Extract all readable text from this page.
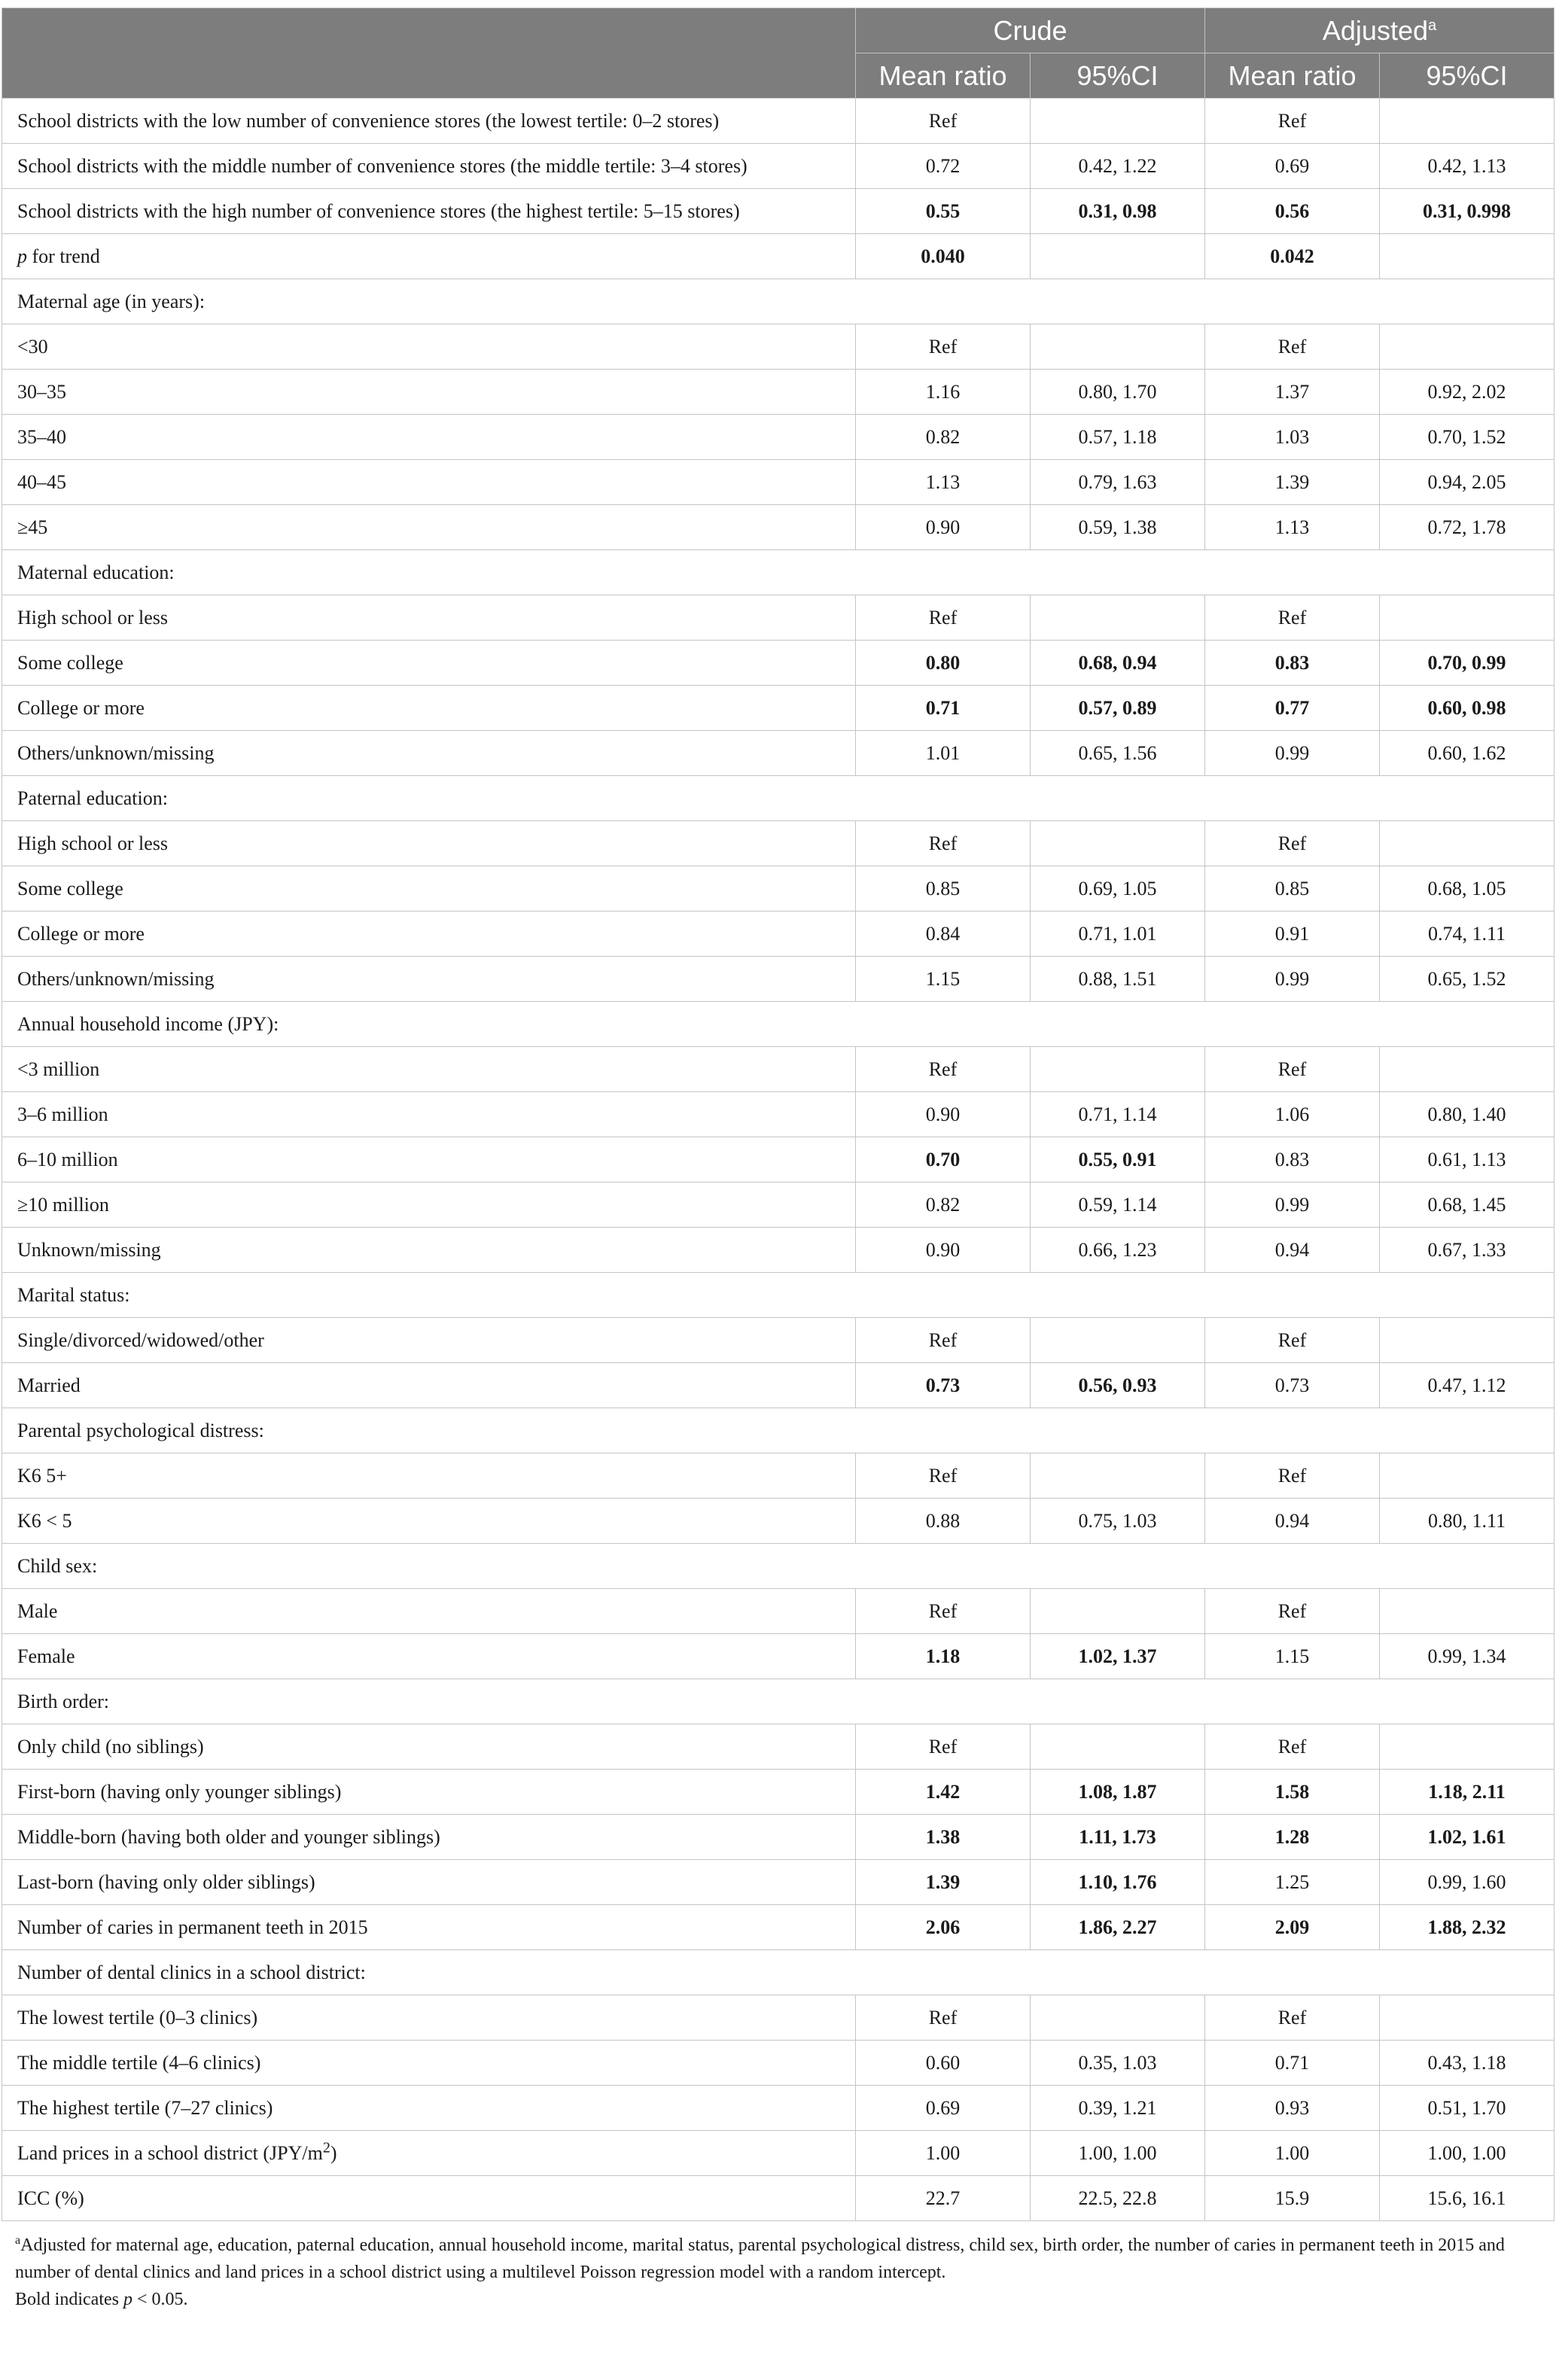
	Crude		Adjusted$^a$
	Mean ratio	95%CI	Mean ratio	95%CI
School districts with the low number of convenience stores (the lowest tertile: 0–2 stores)	Ref		Ref	
School districts with the middle number of convenience stores (the middle tertile: 3–4 stores)	0.72	0.42, 1.22	0.69	0.42, 1.13
School districts with the high number of convenience stores (the highest tertile: 5–15 stores)	0.55	0.31, 0.98	0.56	0.31, 0.998
p for trend	0.040		0.042	
Maternal age (in years):				
<30	Ref		Ref	
30–35	1.16	0.80, 1.70	1.37	0.92, 2.02
35–40	0.82	0.57, 1.18	1.03	0.70, 1.52
40–45	1.13	0.79, 1.63	1.39	0.94, 2.05
≥45	0.90	0.59, 1.38	1.13	0.72, 1.78
Maternal education:				
High school or less	Ref		Ref	
Some college	0.80	0.68, 0.94	0.83	0.70, 0.99
College or more	0.71	0.57, 0.89	0.77	0.60, 0.98
Others/unknown/missing	1.01	0.65, 1.56	0.99	0.60, 1.62
Paternal education:				
High school or less	Ref		Ref	
Some college	0.85	0.69, 1.05	0.85	0.68, 1.05
College or more	0.84	0.71, 1.01	0.91	0.74, 1.11
Others/unknown/missing	1.15	0.88, 1.51	0.99	0.65, 1.52
Annual household income (JPY):				
<3 million	Ref		Ref	
3–6 million	0.90	0.71, 1.14	1.06	0.80, 1.40
6–10 million	0.70	0.55, 0.91	0.83	0.61, 1.13
≥10 million	0.82	0.59, 1.14	0.99	0.68, 1.45
Unknown/missing	0.90	0.66, 1.23	0.94	0.67, 1.33
Marital status:				
Single/divorced/widowed/other	Ref		Ref	
Married	0.73	0.56, 0.93	0.73	0.47, 1.12
Parental psychological distress:				
K6 5+	Ref		Ref	
K6 < 5	0.88	0.75, 1.03	0.94	0.80, 1.11
Child sex:				
Male	Ref		Ref	
Female	1.18	1.02, 1.37	1.15	0.99, 1.34
Birth order:				
Only child (no siblings)	Ref		Ref	
First-born (having only younger siblings)	1.42	1.08, 1.87	1.58	1.18, 2.11
Middle-born (having both older and younger siblings)	1.38	1.11, 1.73	1.28	1.02, 1.61
Last-born (having only older siblings)	1.39	1.10, 1.76	1.25	0.99, 1.60
Number of caries in permanent teeth in 2015	2.06	1.86, 2.27	2.09	1.88, 2.32
Number of dental clinics in a school district:				
The lowest tertile (0–3 clinics)	Ref		Ref	
The middle tertile (4–6 clinics)	0.60	0.35, 1.03	0.71	0.43, 1.18
The highest tertile (7–27 clinics)	0.69	0.39, 1.21	0.93	0.51, 1.70
Land prices in a school district $(JPY/m^2)$	1.00	1.00, 1.00	1.00	1.00, 1.00
ICC (%)	22.7	22.5, 22.8	15.9	15.6, 16.1

$^a$Adjusted for maternal age, education, paternal education, annual household income, marital status, parental psychological distress, child sex, birth order, the number of caries in permanent teeth in 2015 and number of dental clinics and land prices in a school district using a multilevel Poisson regression model with a random intercept.

Bold indicates p < 0.05.
